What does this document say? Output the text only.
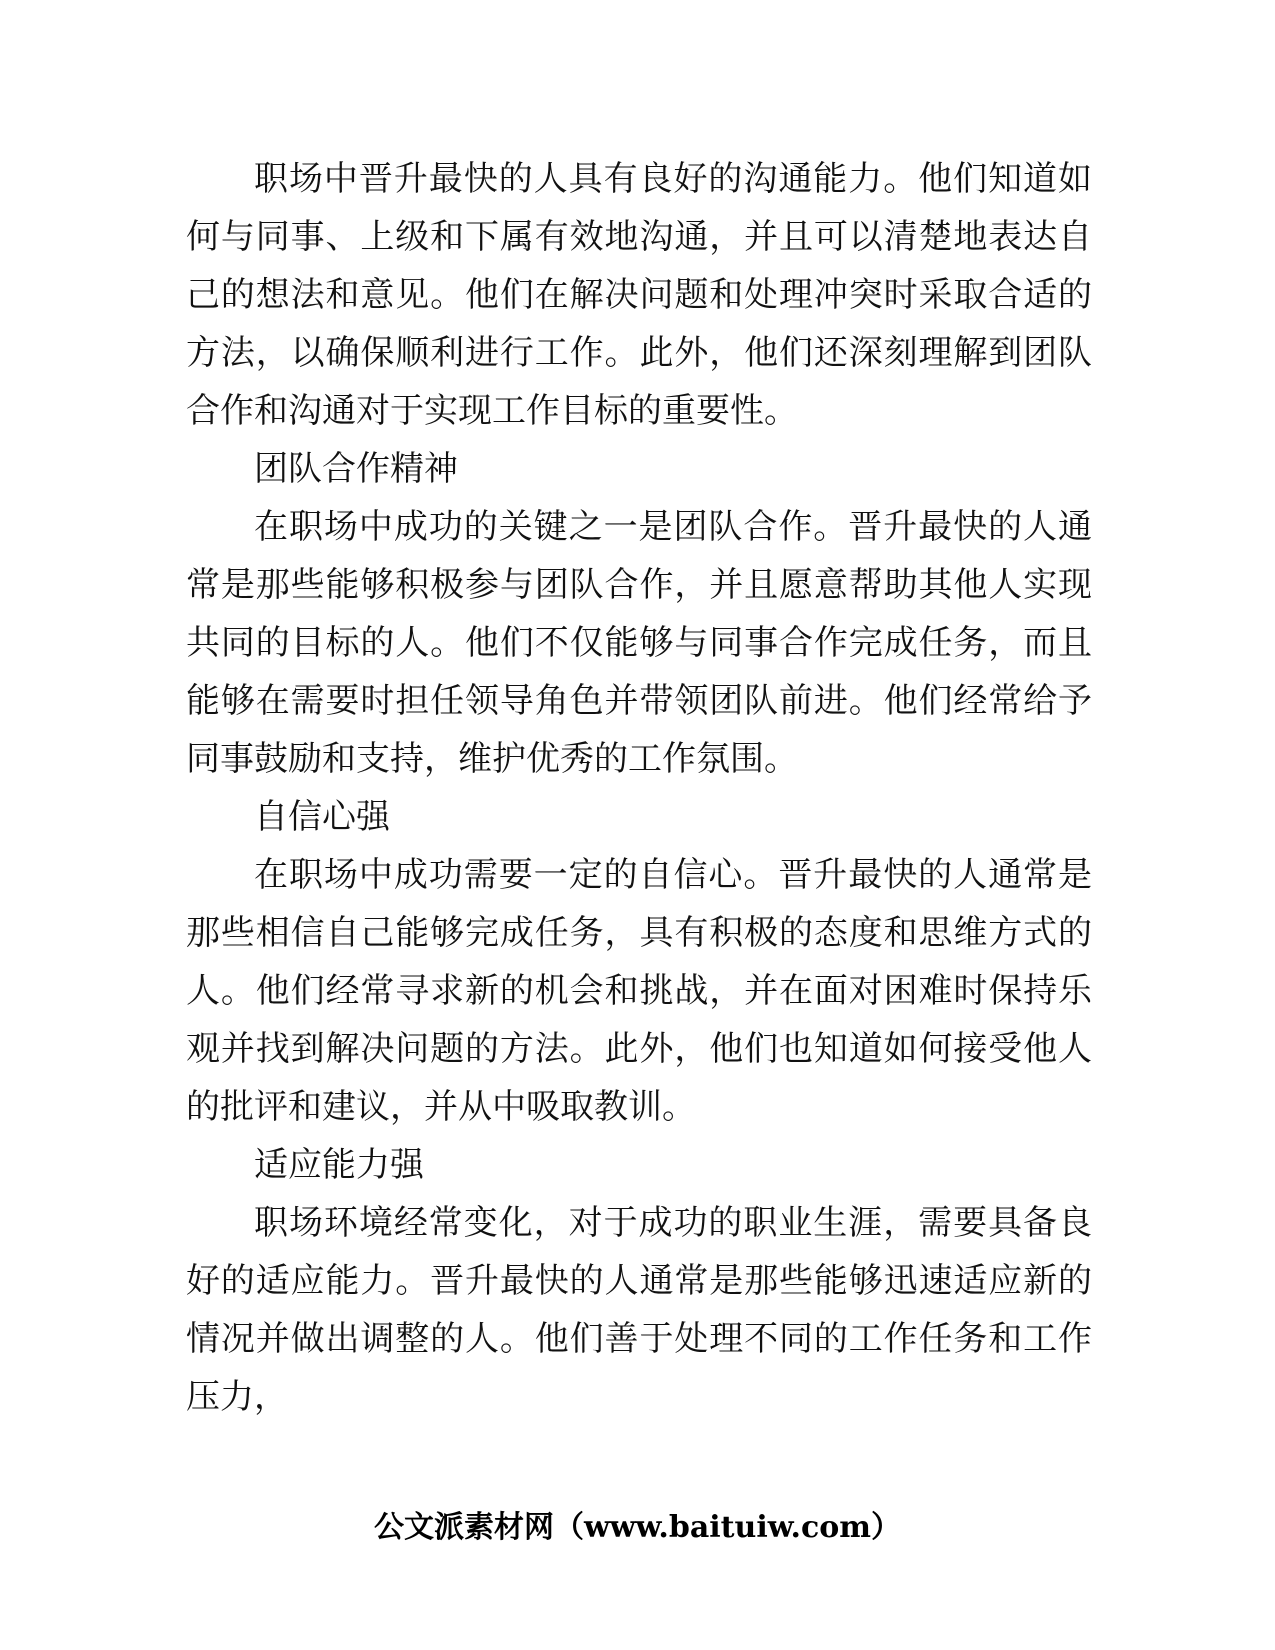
职场中晋升最快的人具有良好的沟通能力。他们知道如何与同事、上级和下属有效地沟通，并且可以清楚地表达自己的想法和意见。他们在解决问题和处理冲突时采取合适的方法，以确保顺利进行工作。此外，他们还深刻理解到团队合作和沟通对于实现工作目标的重要性。

团队合作精神

在职场中成功的关键之一是团队合作。晋升最快的人通常是那些能够积极参与团队合作，并且愿意帮助其他人实现共同的目标的人。他们不仅能够与同事合作完成任务，而且能够在需要时担任领导角色并带领团队前进。他们经常给予同事鼓励和支持，维护优秀的工作氛围。

自信心强

在职场中成功需要一定的自信心。晋升最快的人通常是那些相信自己能够完成任务，具有积极的态度和思维方式的人。他们经常寻求新的机会和挑战，并在面对困难时保持乐观并找到解决问题的方法。此外，他们也知道如何接受他人的批评和建议，并从中吸取教训。

适应能力强

职场环境经常变化，对于成功的职业生涯，需要具备良好的适应能力。晋升最快的人通常是那些能够迅速适应新的情况并做出调整的人。他们善于处理不同的工作任务和工作压力，

公文派素材网（www.baituiw.com）
